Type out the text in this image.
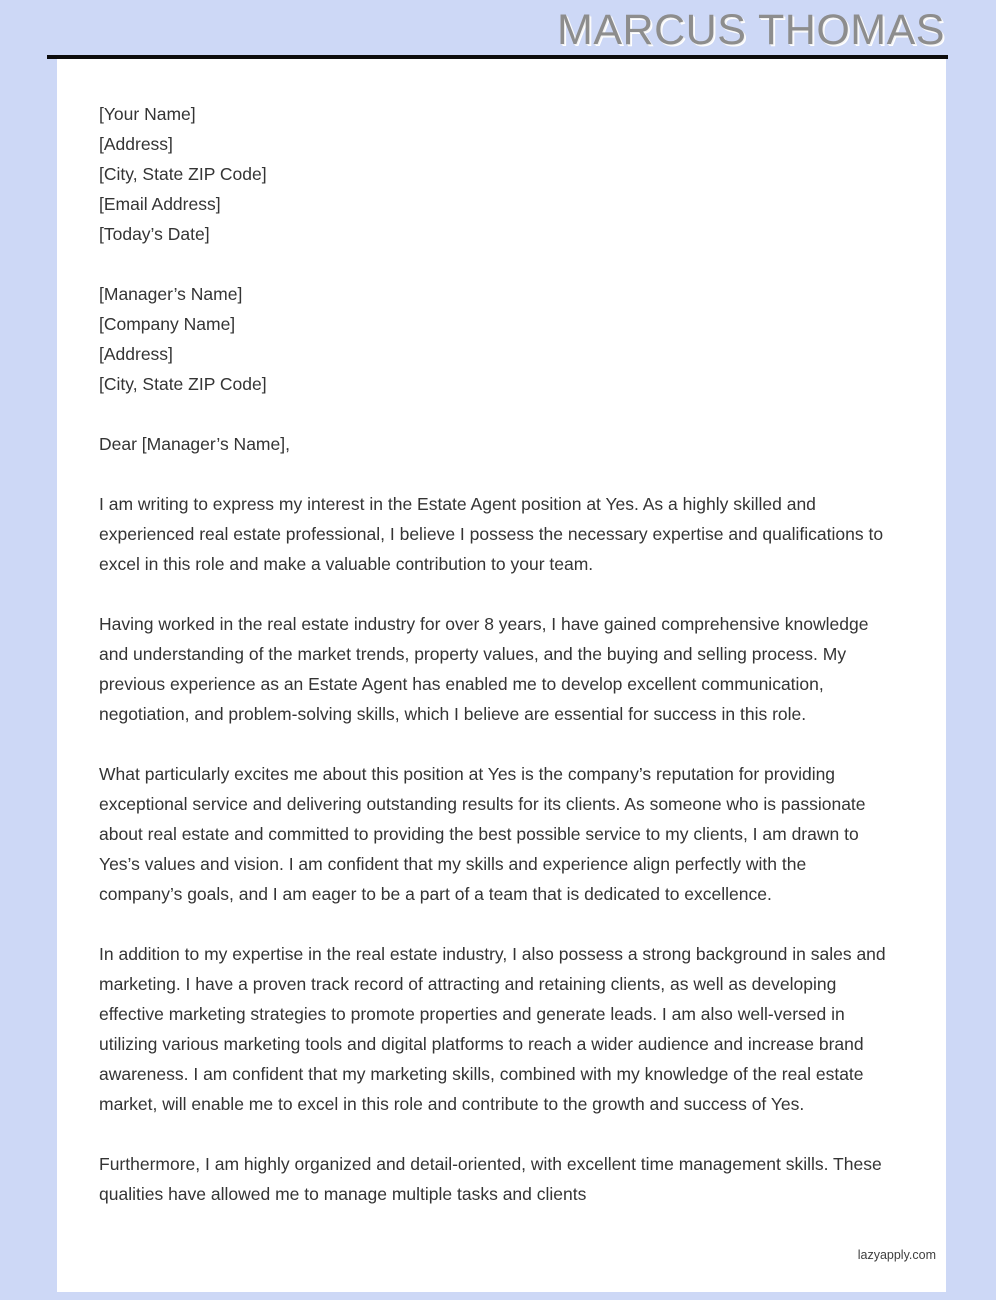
MARCUS THOMAS
[Your Name]
[Address]
[City, State ZIP Code]
[Email Address]
[Today’s Date]
[Manager’s Name]
[Company Name]
[Address]
[City, State ZIP Code]
Dear [Manager’s Name],

I am writing to express my interest in the Estate Agent position at Yes. As a highly skilled and experienced real estate professional, I believe I possess the necessary expertise and qualifications to excel in this role and make a valuable contribution to your team.

Having worked in the real estate industry for over 8 years, I have gained comprehensive knowledge and understanding of the market trends, property values, and the buying and selling process. My previous experience as an Estate Agent has enabled me to develop excellent communication, negotiation, and problem-solving skills, which I believe are essential for success in this role.

What particularly excites me about this position at Yes is the company’s reputation for providing exceptional service and delivering outstanding results for its clients. As someone who is passionate about real estate and committed to providing the best possible service to my clients, I am drawn to Yes’s values and vision. I am confident that my skills and experience align perfectly with the company’s goals, and I am eager to be a part of a team that is dedicated to excellence.

In addition to my expertise in the real estate industry, I also possess a strong background in sales and marketing. I have a proven track record of attracting and retaining clients, as well as developing effective marketing strategies to promote properties and generate leads. I am also well-versed in utilizing various marketing tools and digital platforms to reach a wider audience and increase brand awareness. I am confident that my marketing skills, combined with my knowledge of the real estate market, will enable me to excel in this role and contribute to the growth and success of Yes.

Furthermore, I am highly organized and detail-oriented, with excellent time management skills. These qualities have allowed me to manage multiple tasks and clients

lazyapply.com
